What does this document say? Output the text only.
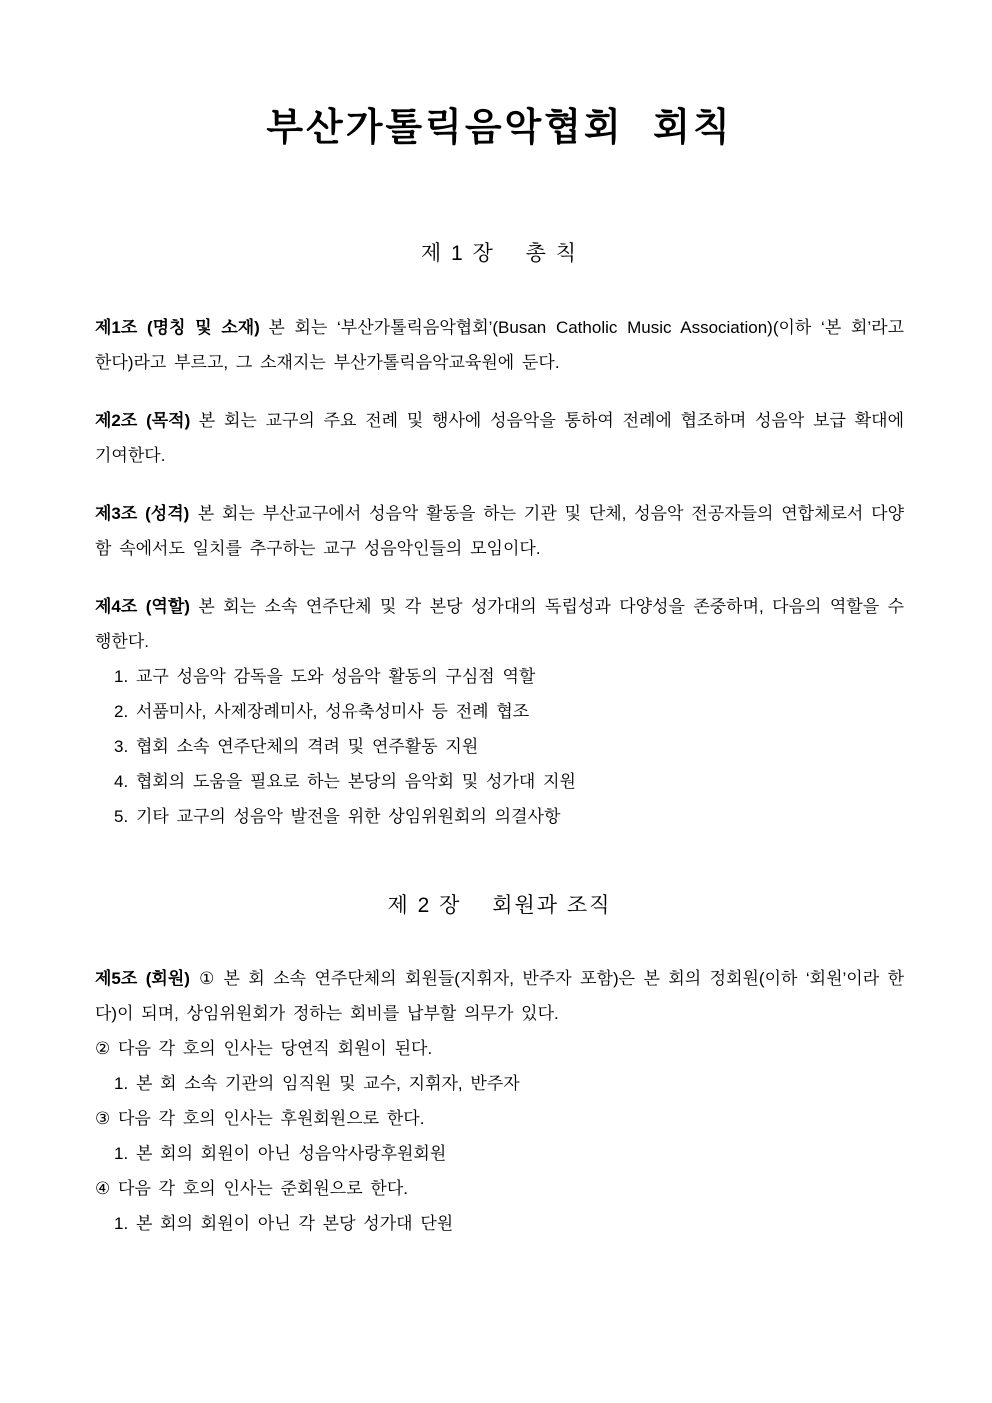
부산가톨릭음악협회 회칙
제 1 장　 총 칙

제1조 (명칭 및 소재) 본 회는 ‘부산가톨릭음악협회’(Busan Catholic Music Association)(이하 ‘본 회’라고 한다)라고 부르고, 그 소재지는 부산가톨릭음악교육원에 둔다.

제2조 (목적) 본 회는 교구의 주요 전례 및 행사에 성음악을 통하여 전례에 협조하며 성음악 보급 확대에 기여한다.

제3조 (성격) 본 회는 부산교구에서 성음악 활동을 하는 기관 및 단체, 성음악 전공자들의 연합체로서 다양함 속에서도 일치를 추구하는 교구 성음악인들의 모임이다.

제4조 (역할) 본 회는 소속 연주단체 및 각 본당 성가대의 독립성과 다양성을 존중하며, 다음의 역할을 수행한다.

1. 교구 성음악 감독을 도와 성음악 활동의 구심점 역할

2. 서품미사, 사제장례미사, 성유축성미사 등 전례 협조

3. 협회 소속 연주단체의 격려 및 연주활동 지원

4. 협회의 도움을 필요로 하는 본당의 음악회 및 성가대 지원

5. 기타 교구의 성음악 발전을 위한 상임위원회의 의결사항

제 2 장　 회원과 조직

제5조 (회원) ① 본 회 소속 연주단체의 회원들(지휘자, 반주자 포함)은 본 회의 정회원(이하 ‘회원’이라 한다)이 되며, 상임위원회가 정하는 회비를 납부할 의무가 있다.

② 다음 각 호의 인사는 당연직 회원이 된다.

1. 본 회 소속 기관의 임직원 및 교수, 지휘자, 반주자

③ 다음 각 호의 인사는 후원회원으로 한다.

1. 본 회의 회원이 아닌 성음악사랑후원회원

④ 다음 각 호의 인사는 준회원으로 한다.

1. 본 회의 회원이 아닌 각 본당 성가대 단원
